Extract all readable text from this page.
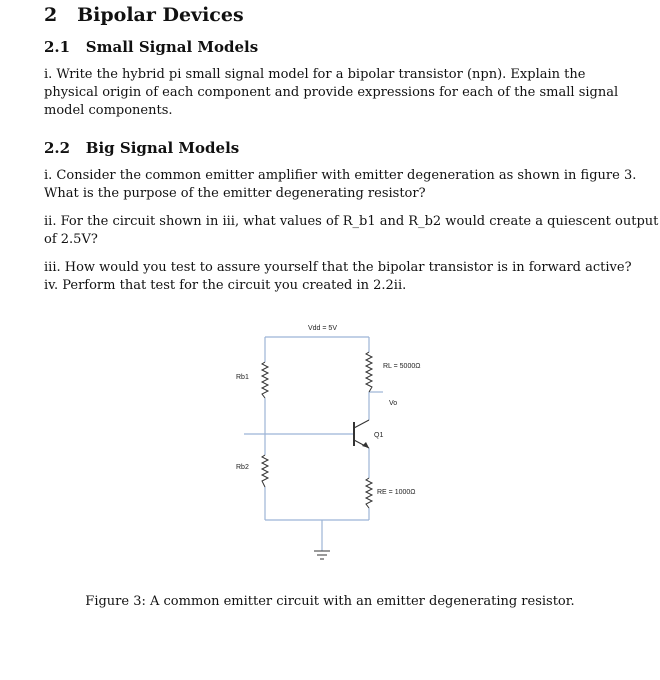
2 Bipolar Devices
2.1 Small Signal Models
i. Write the hybrid pi small signal model for a bipolar transistor (npn). Explain the
physical origin of each component and provide expressions for each of the small signal
model components.
2.2 Big Signal Models
i. Consider the common emitter amplifier with emitter degeneration as shown in figure 3.
What is the purpose of the emitter degenerating resistor?
ii. For the circuit shown in iii, what values of R_b1 and R_b2 would create a quiescent output
of 2.5V?
iii. How would you test to assure yourself that the bipolar transistor is in forward active?
iv. Perform that test for the circuit you created in 2.2ii.
Vdd = 5V
Rb1
Rb2
RL = 5000Ω
Vo
Q1
RE = 1000Ω
Figure 3: A common emitter circuit with an emitter degenerating resistor.
